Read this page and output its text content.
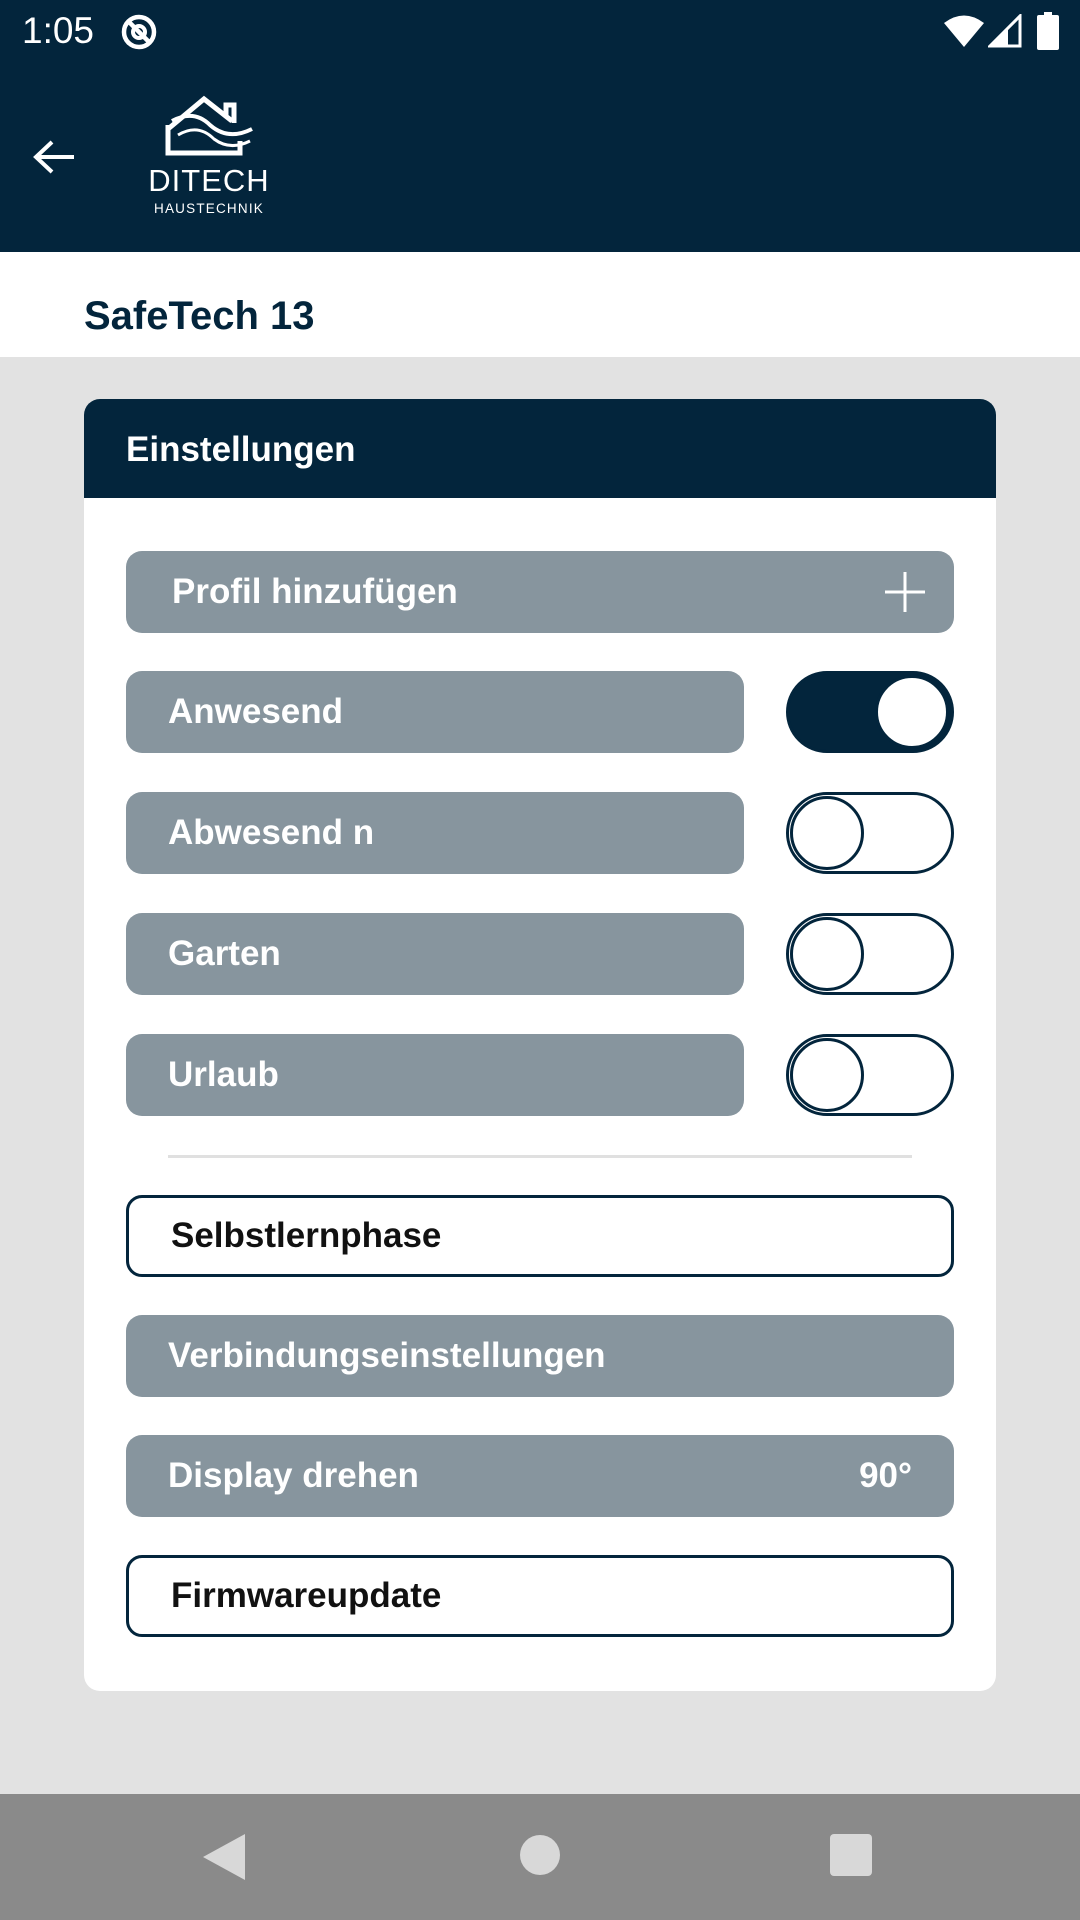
1:05
DITECH
HAUSTECHNIK
SafeTech 13
Einstellungen
Profil hinzufügen
Anwesend
Abwesend n
Garten
Urlaub
Selbstlernphase
Verbindungseinstellungen
Display drehen	90°
Firmwareupdate
